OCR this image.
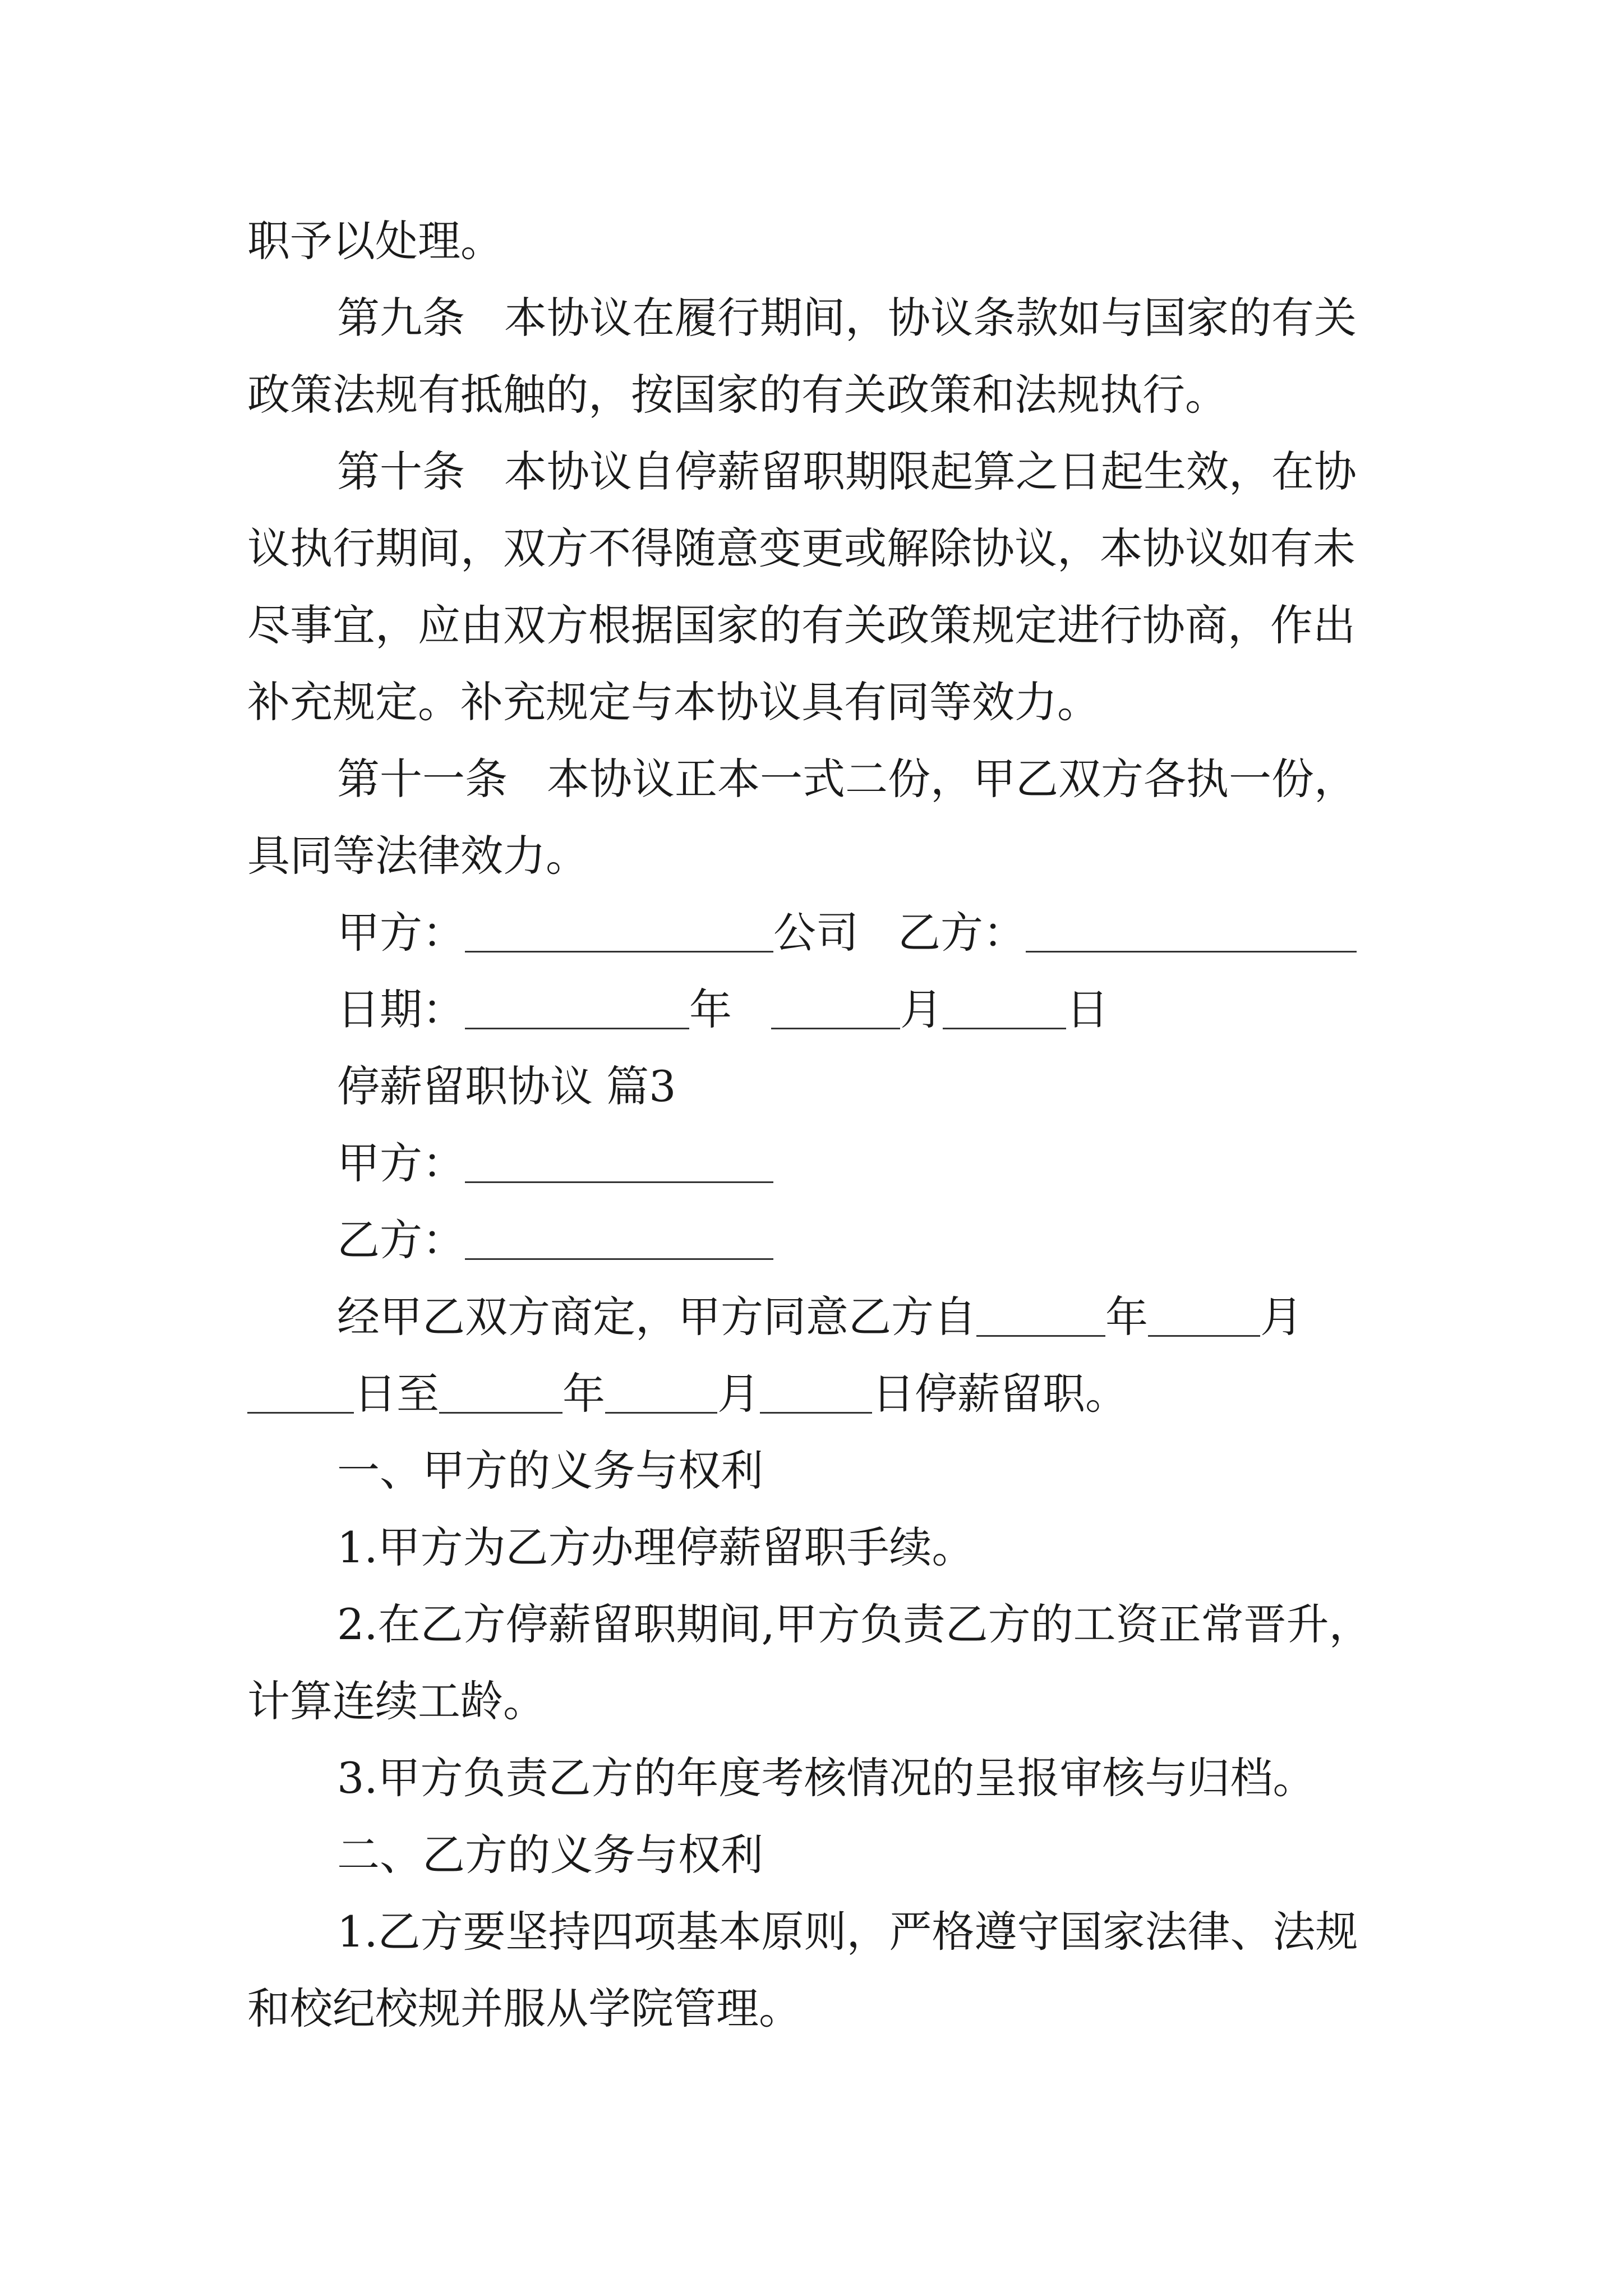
职予以处理。

第九条 本协议在履行期间，协议条款如与国家的有关

政策法规有抵触的，按国家的有关政策和法规执行。

第十条 本协议自停薪留职期限起算之日起生效，在协

议执行期间，双方不得随意变更或解除协议，本协议如有未

尽事宜，应由双方根据国家的有关政策规定进行协商，作出

补充规定。补充规定与本协议具有同等效力。

第十一条 本协议正本一式二份，甲乙双方各执一份，

具同等法律效力。

甲方：	公司 乙方：

日期：	年	月	日

停薪留职协议 篇3

甲方：

乙方：

经甲乙双方商定，甲方同意乙方自	年	月

日至	年	月	日停薪留职。

一、甲方的义务与权利

1.甲方为乙方办理停薪留职手续。

2.在乙方停薪留职期间,甲方负责乙方的工资正常晋升，

计算连续工龄。

3.甲方负责乙方的年度考核情况的呈报审核与归档。

二、乙方的义务与权利

1.乙方要坚持四项基本原则，严格遵守国家法律、法规

和校纪校规并服从学院管理。
